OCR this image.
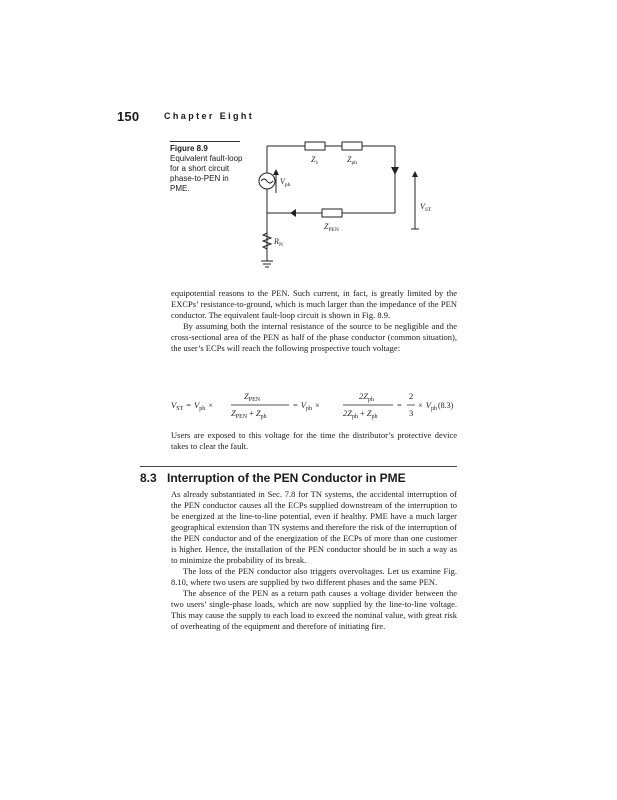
150	Chapter Eight
Figure 8.9
Equivalent fault-loop for a short circuit phase-to-PEN in PME.
$Z_1$	$Z_{ph}$
$V_{ph}$
$V_{ST}$
$Z_{PEN}$
$R_N$

equipotential reasons to the PEN. Such current, in fact, is greatly limited by the EXCPs’ resistance-to-ground, which is much larger than the impedance of the PEN conductor. The equivalent fault-loop circuit is shown in Fig. 8.9.

By assuming both the internal resistance of the source to be negligible and the cross-sectional area of the PEN as half of the phase conductor (common situation), the user’s ECPs will reach the following prospective touch voltage:

$V_{ST} = V_{ph}$ ×
$Z_{PEN}$
$Z_{PEN} + Z_{ph}$
= $V_{ph}$ ×
$2Z_{ph}$
$2Z_{ph} + Z_{ph}$
=
2
3
× $V_{ph}$ (8.3)

Users are exposed to this voltage for the time the distributor’s protective device takes to clear the fault.

8.3 Interruption of the PEN Conductor in PME

As already substantiated in Sec. 7.8 for TN systems, the accidental interruption of the PEN conductor causes all the ECPs supplied downstream of the interruption to be energized at the line-to-line potential, even if healthy. PME have a much larger geographical extension than TN systems and therefore the risk of the interruption of the PEN conductor and of the energization of the ECPs of more than one customer is higher. Hence, the installation of the PEN conductor should be in such a way as to minimize the probability of its break.

The loss of the PEN conductor also triggers overvoltages. Let us examine Fig. 8.10, where two users are supplied by two different phases and the same PEN.

The absence of the PEN as a return path causes a voltage divider between the two users’ single-phase loads, which are now supplied by the line-to-line voltage. This may cause the supply to each load to exceed the nominal value, with great risk of overheating of the equipment and therefore of initiating fire.
